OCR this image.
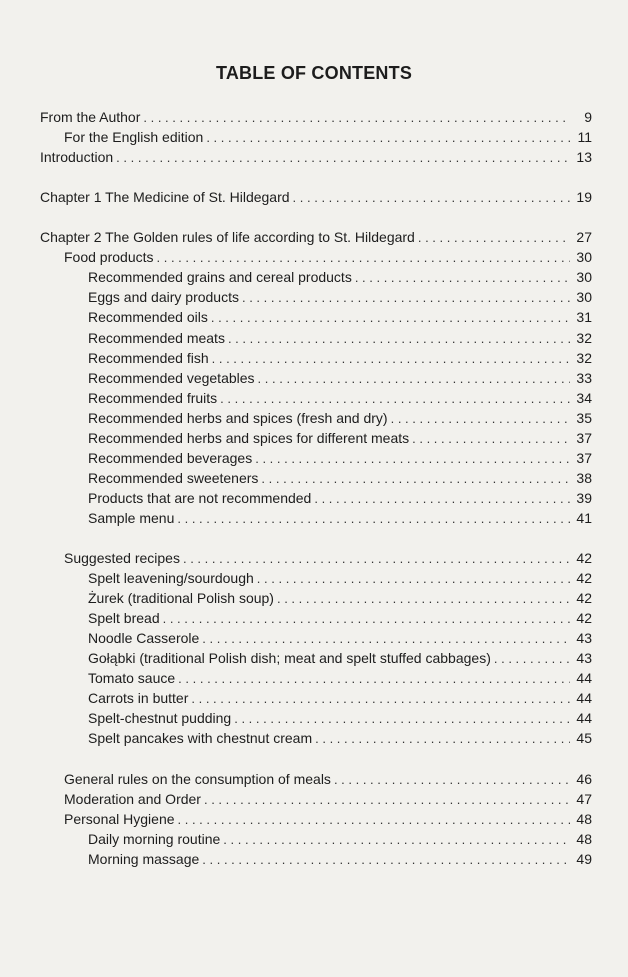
TABLE OF CONTENTS
From the Author . . .	9
For the English edition . . .	11
Introduction . . .	13
Chapter 1 The Medicine of St. Hildegard . . .	19
Chapter 2 The Golden rules of life according to St. Hildegard . . .	27
Food products . . .	30
Recommended grains and cereal products . . .	30
Eggs and dairy products . . .	30
Recommended oils . . .	31
Recommended meats . . .	32
Recommended fish . . .	32
Recommended vegetables . . .	33
Recommended fruits . . .	34
Recommended herbs and spices (fresh and dry) . . .	35
Recommended herbs and spices for different meats . . .	37
Recommended beverages . . .	37
Recommended sweeteners . . .	38
Products that are not recommended . . .	39
Sample menu . . .	41
Suggested recipes . . .	42
Spelt leavening/sourdough . . .	42
Żurek (traditional Polish soup) . . .	42
Spelt bread . . .	42
Noodle Casserole . . .	43
Gołąbki (traditional Polish dish; meat and spelt stuffed cabbages) . . .	43
Tomato sauce . . .	44
Carrots in butter . . .	44
Spelt-chestnut pudding . . .	44
Spelt pancakes with chestnut cream . . .	45
General rules on the consumption of meals . . .	46
Moderation and Order . . .	47
Personal Hygiene . . .	48
Daily morning routine . . .	48
Morning massage . . .	49
